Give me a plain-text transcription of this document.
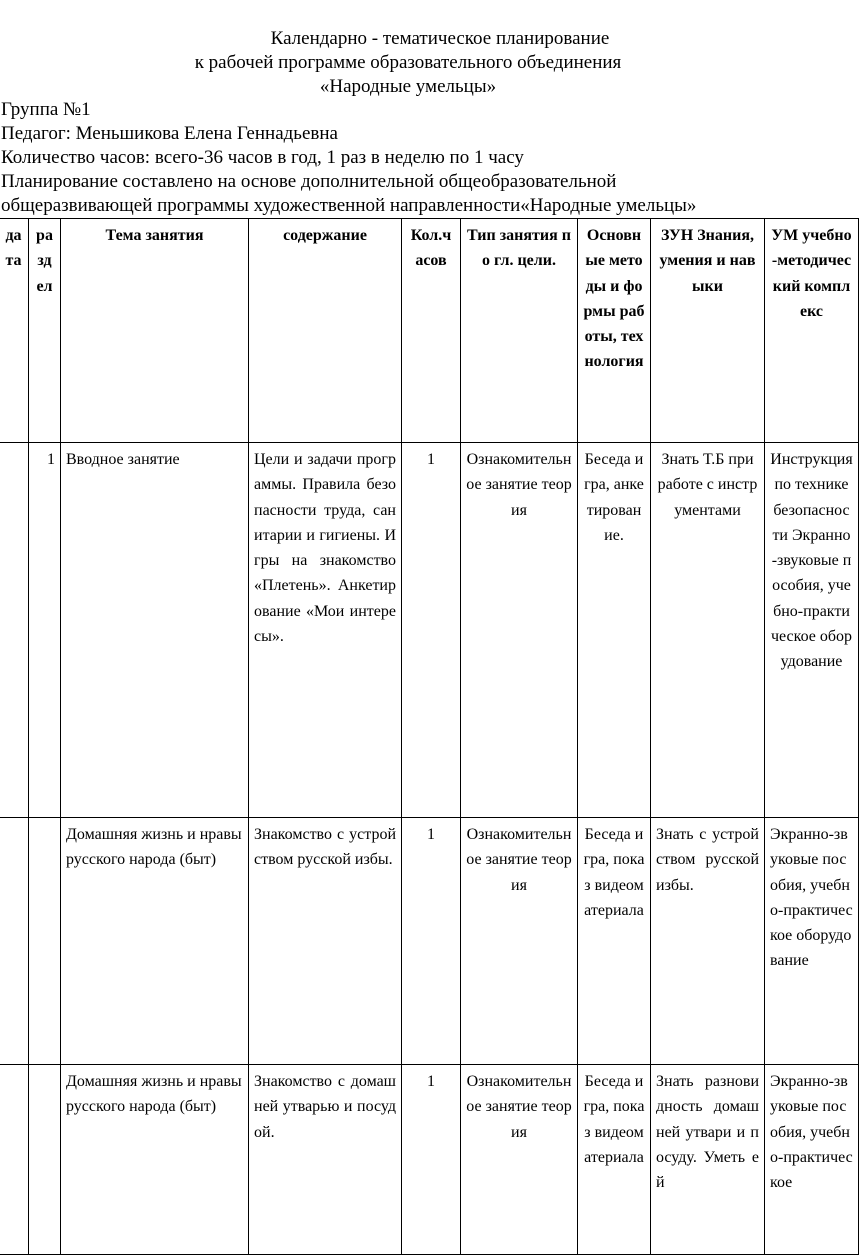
Календарно - тематическое планирование
к рабочей программе образовательного объединения
«Народные умельцы»
Группа №1
Педагог: Меньшикова Елена Геннадьевна
Количество часов: всего-36 часов в год, 1 раз в неделю по 1 часу
Планирование составлено на основе дополнительной общеобразовательной
общеразвивающей программы художественной направленности«Народные умельцы»
дата	раздел	Тема занятия	содержание	Кол.часов	Тип занятия по гл. цели.	Основные методы и формы работы, технология	ЗУН Знания, умения и навыки	УМ учебно-методический комплекс
	1	Вводное занятие	Цели и задачи программы. Правила безопасности труда, санитарии и гигиены. Игры на знакомство «Плетень». Анкетирование «Мои интересы».	1	Ознакомительное занятие теория	Беседа игра, анкетирование.	Знать Т.Б при работе с инструментами	Инструкция по технике безопасности Экранно-звуковые пособия, учебно-практическое оборудование
		Домашняя жизнь и нравы русского народа (быт)	Знакомство с устройством русской избы.	1	Ознакомительное занятие теория	Беседа игра, показ видеоматериала	Знать с устройством русской избы.	Экранно-звуковые пособия, учебно-практическое оборудование
		Домашняя жизнь и нравы русского народа (быт)	Знакомство с домашней утварью и посудой.	1	Ознакомительное занятие теория	Беседа игра, показ видеоматериала	Знать разновидность домашней утвари и посуду. Уметь ей	Экранно-звуковые пособия, учебно-практическое
